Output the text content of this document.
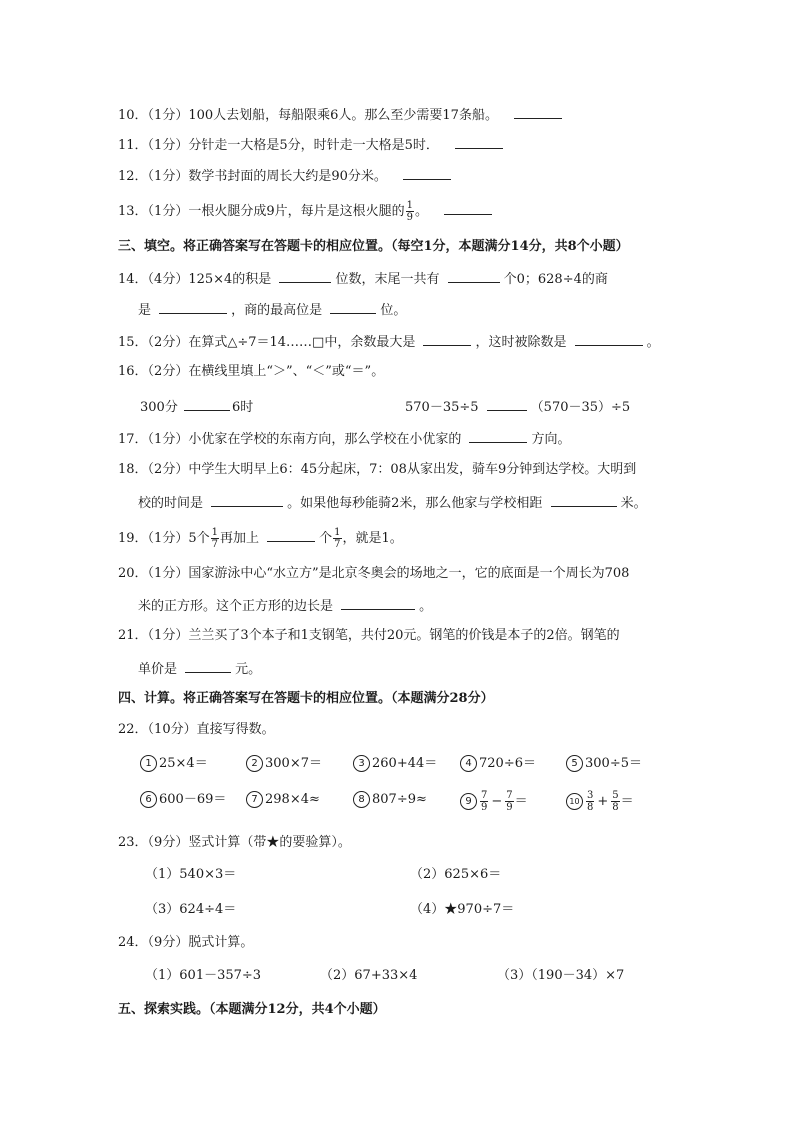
10．（1分）100人去划船，每船限乘6人。那么至少需要17条船。
11．（1分）分针走一大格是5分，时针走一大格是5时．
12．（1分）数学书封面的周长大约是90分米。
13．（1分）一根火腿分成9片，每片是这根火腿的 $\frac{1}{9}$ 。
三、填空。将正确答案写在答题卡的相应位置。（每空1分，本题满分14分，共8个小题）
14．（4分）125×4的积是	位数，末尾一共有	个0；628÷4的商
是	，商的最高位是	位。
15．（2分）在算式△÷7＝14……□中，余数最大是	，这时被除数是	。
16．（2分）在横线里填上“＞”、“＜”或“＝”。
300分	6时	570－35÷5	（570－35）÷5
17．（1分）小优家在学校的东南方向，那么学校在小优家的	方向。
18．（2分）中学生大明早上6：45分起床，7：08从家出发，骑车9分钟到达学校。大明到
校的时间是	。如果他每秒能骑2米，那么他家与学校相距	米。
19．（1分）5个 $\frac{1}{7}$ 再加上	个 $\frac{1}{7}$ ，就是1。
20．（1分）国家游泳中心“水立方”是北京冬奥会的场地之一，它的底面是一个周长为708
米的正方形。这个正方形的边长是	。
21．（1分）兰兰买了3个本子和1支钢笔，共付20元。钢笔的价钱是本子的2倍。钢笔的
单价是	元。
四、计算。将正确答案写在答题卡的相应位置。（本题满分28分）
22．（10分）直接写得数。
1 25×4＝	2 300×7＝	3 260+44＝	4 720÷6＝	5 300÷5＝
6 600－69＝	7 298×4≈	8 807÷9≈	$9 \frac{7}{9} - \frac{7}{9}$ ＝	$10 \frac{3}{8} + \frac{5}{8}$ ＝
23．（9分）竖式计算（带★的要验算）。
（1）540×3＝	（2）625×6＝
（3）624÷4＝	（4）★970÷7＝
24．（9分）脱式计算。
（1）601－357÷3	（2）67+33×4	（3）（190－34）×7
五、探索实践。（本题满分12分，共4个小题）
